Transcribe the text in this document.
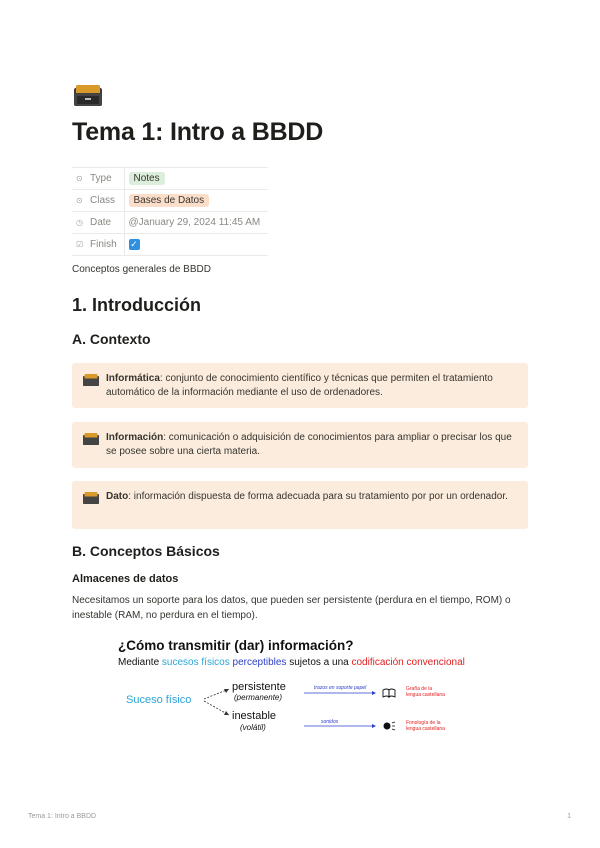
Tema 1: Intro a BBDD
⊙ Type	Notes
⊙ Class	Bases de Datos
◷ Date	@January 29, 2024 11:45 AM
☑ Finish	✓

Conceptos generales de BBDD

1. Introducción
A. Contexto
Informática: conjunto de conocimiento científico y técnicas que permiten el tratamiento automático de la información mediante el uso de ordenadores.
Información: comunicación o adquisición de conocimientos para ampliar o precisar los que se posee sobre una cierta materia.
Dato: información dispuesta de forma adecuada para su tratamiento por por un ordenador.
B. Conceptos Básicos
Almacenes de datos

Necesitamos un soporte para los datos, que pueden ser persistente (perdura en el tiempo, ROM) o inestable (RAM, no perdura en el tiempo).

¿Cómo transmitir (dar) información?
Mediante sucesos físicos perceptibles sujetos a una codificación convencional
Suceso físico
persistente
(permanente)
inestable
(volátil)
trazos en soporte papel
sonidos
Grafía de la
lengua castellana
Fonología de la
lengua castellana
Tema 1: Intro a BBDD	1
